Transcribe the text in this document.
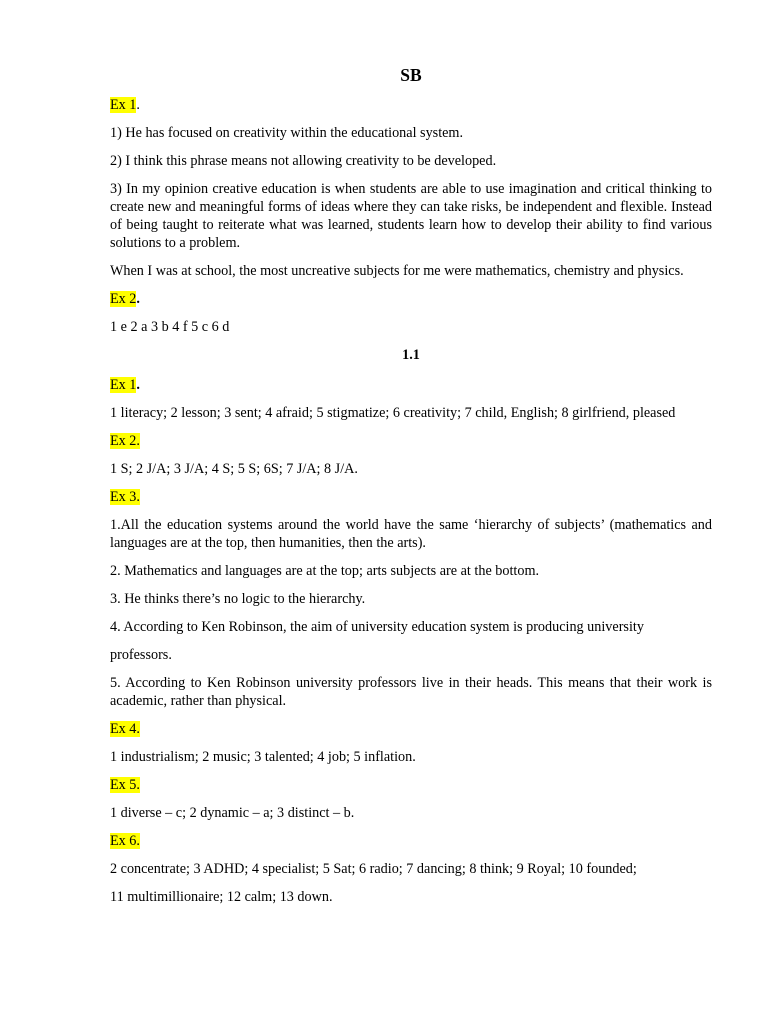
SB
Ex 1.

1) He has focused on creativity within the educational system.

2) I think this phrase means not allowing creativity to be developed.

3) In my opinion creative education is when students are able to use imagination and critical thinking to create new and meaningful forms of ideas where they can take risks, be independent and flexible. Instead of being taught to reiterate what was learned, students learn how to develop their ability to find various solutions to a problem.

When I was at school, the most uncreative subjects for me were mathematics, chemistry and physics.

Ex 2.

1 e 2 a 3 b 4 f 5 c 6 d

1.1
Ex 1.

1 literacy; 2 lesson; 3 sent; 4 afraid; 5 stigmatize; 6 creativity; 7 child, English; 8 girlfriend, pleased

Ex 2.

1 S; 2 J/A; 3 J/A; 4 S; 5 S; 6S; 7 J/A; 8 J/A.

Ex 3.

1.All the education systems around the world have the same ‘hierarchy of subjects’ (mathematics and languages are at the top, then humanities, then the arts).

2. Mathematics and languages are at the top; arts subjects are at the bottom.

3. He thinks there’s no logic to the hierarchy.

4. According to Ken Robinson, the aim of university education system is producing university

professors.

5. According to Ken Robinson university professors live in their heads. This means that their work is academic, rather than physical.

Ex 4.

1 industrialism; 2 music; 3 talented; 4 job; 5 inflation.

Ex 5.

1 diverse – c; 2 dynamic – a; 3 distinct – b.

Ex 6.

2 concentrate; 3 ADHD; 4 specialist; 5 Sat; 6 radio; 7 dancing; 8 think; 9 Royal; 10 founded;

11 multimillionaire; 12 calm; 13 down.
